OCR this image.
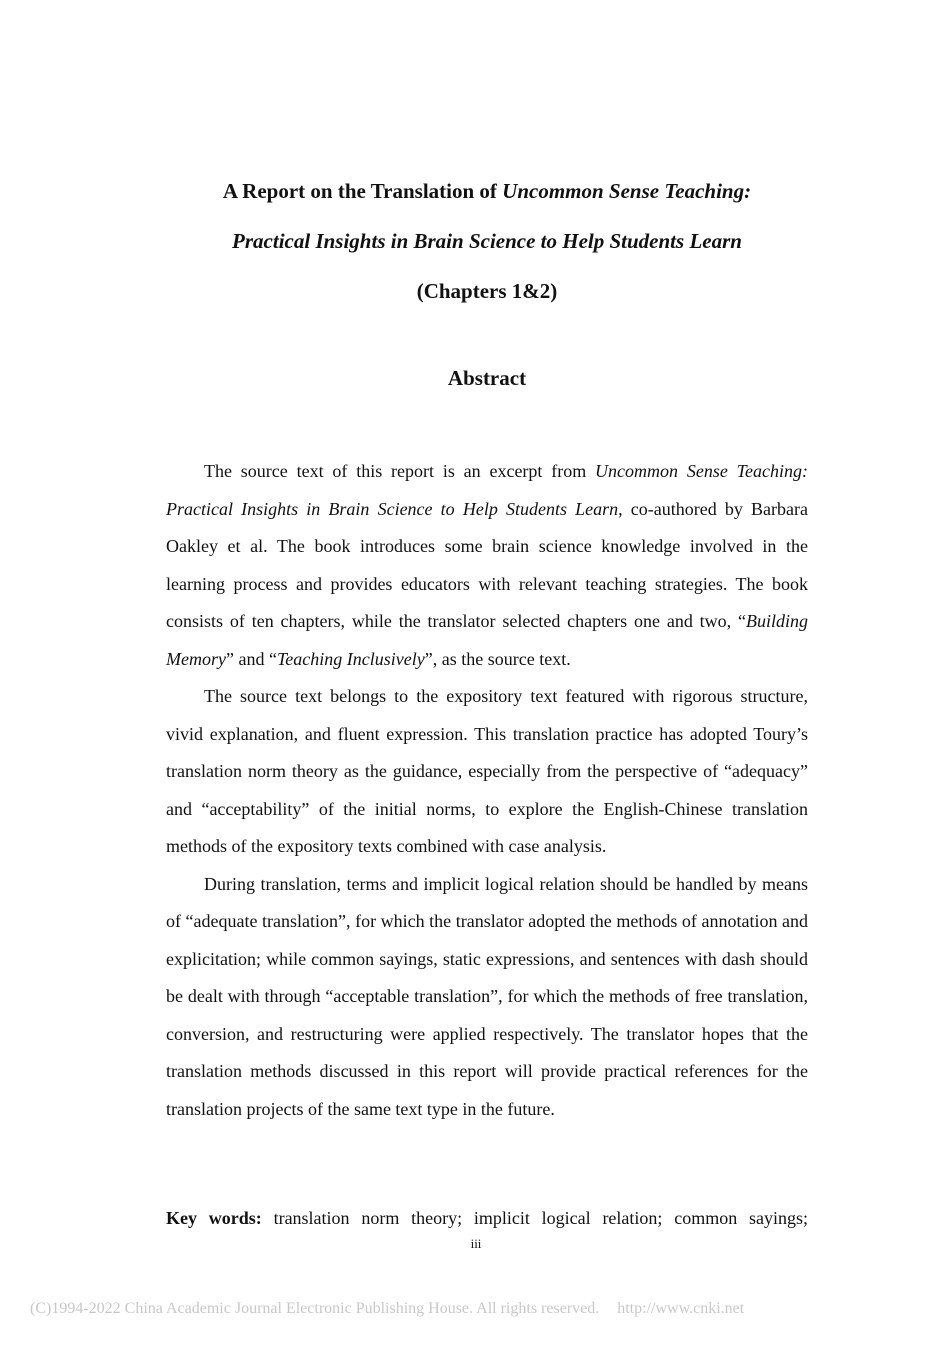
A Report on the Translation of Uncommon Sense Teaching:
Practical Insights in Brain Science to Help Students Learn
(Chapters 1&2)
Abstract

The source text of this report is an excerpt from Uncommon Sense Teaching: Practical Insights in Brain Science to Help Students Learn, co-authored by Barbara Oakley et al. The book introduces some brain science knowledge involved in the learning process and provides educators with relevant teaching strategies. The book consists of ten chapters, while the translator selected chapters one and two, “Building Memory” and “Teaching Inclusively”, as the source text.

The source text belongs to the expository text featured with rigorous structure, vivid explanation, and fluent expression. This translation practice has adopted Toury’s translation norm theory as the guidance, especially from the perspective of “adequacy” and “acceptability” of the initial norms, to explore the English-Chinese translation methods of the expository texts combined with case analysis.

During translation, terms and implicit logical relation should be handled by means of “adequate translation”, for which the translator adopted the methods of annotation and explicitation; while common sayings, static expressions, and sentences with dash should be dealt with through “acceptable translation”, for which the methods of free translation, conversion, and restructuring were applied respectively. The translator hopes that the translation methods discussed in this report will provide practical references for the translation projects of the same text type in the future.

Key words: translation norm theory; implicit logical relation; common sayings;
iii
(C)1994-2022 China Academic Journal Electronic Publishing House. All rights reserved. http://www.cnki.net
